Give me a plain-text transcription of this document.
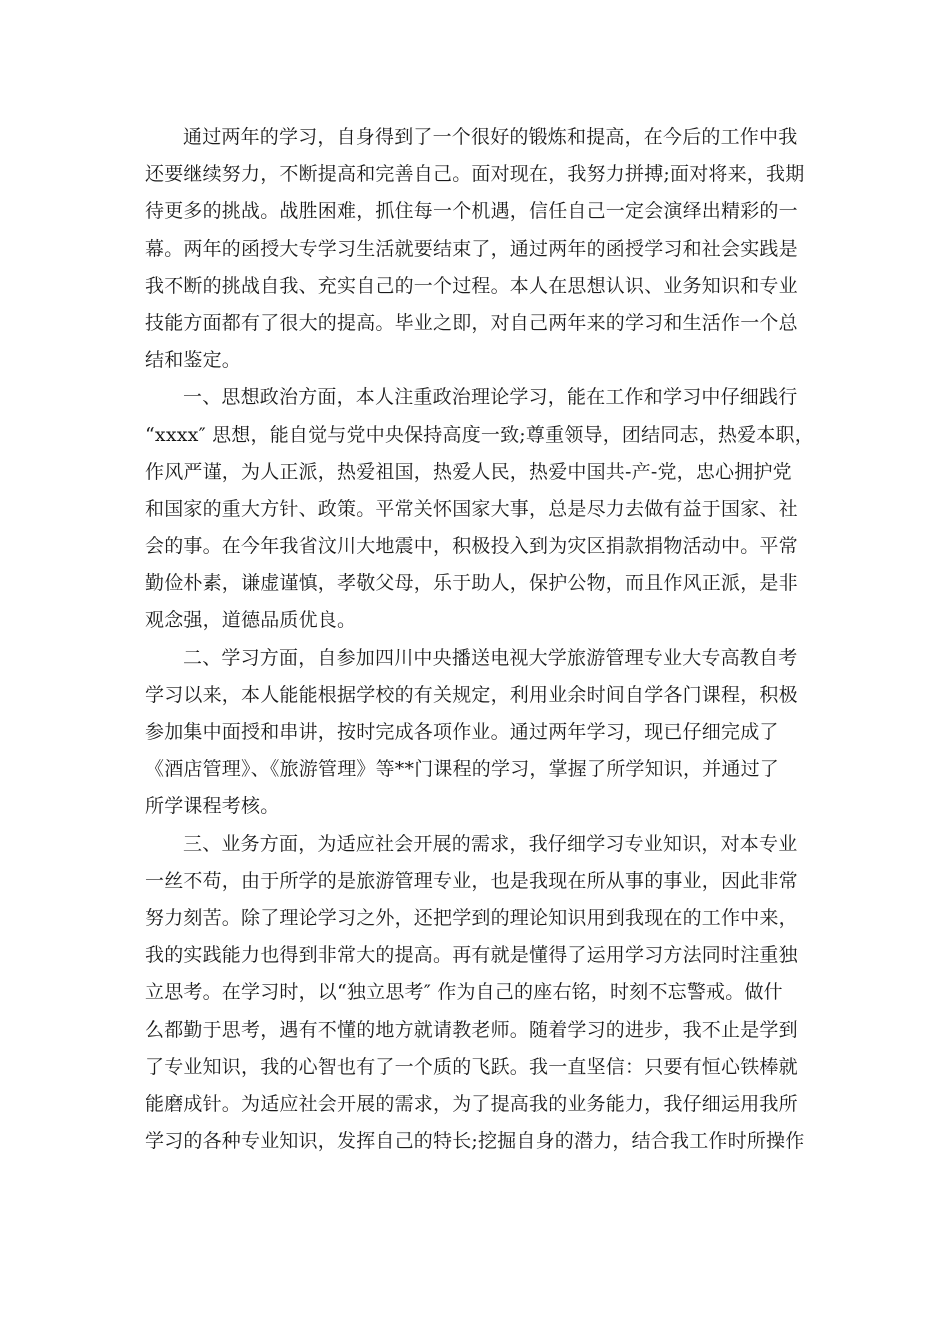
通过两年的学习，自身得到了一个很好的锻炼和提高，在今后的工作中我
还要继续努力，不断提高和完善自己。面对现在，我努力拼搏;面对将来，我期
待更多的挑战。战胜困难，抓住每一个机遇，信任自己一定会演绎出精彩的一
幕。两年的函授大专学习生活就要结束了，通过两年的函授学习和社会实践是
我不断的挑战自我、充实自己的一个过程。本人在思想认识、业务知识和专业
技能方面都有了很大的提高。毕业之即，对自己两年来的学习和生活作一个总
结和鉴定。
一、思想政治方面，本人注重政治理论学习，能在工作和学习中仔细践行
“xxxx″ 思想，能自觉与党中央保持高度一致;尊重领导，团结同志，热爱本职，
作风严谨，为人正派，热爱祖国，热爱人民，热爱中国共-产-党，忠心拥护党
和国家的重大方针、政策。平常关怀国家大事，总是尽力去做有益于国家、社
会的事。在今年我省汶川大地震中，积极投入到为灾区捐款捐物活动中。平常
勤俭朴素，谦虚谨慎，孝敬父母，乐于助人，保护公物，而且作风正派，是非
观念强，道德品质优良。
二、学习方面，自参加四川中央播送电视大学旅游管理专业大专高教自考
学习以来，本人能能根据学校的有关规定，利用业余时间自学各门课程，积极
参加集中面授和串讲，按时完成各项作业。通过两年学习，现已仔细完成了
《酒店管理》、《旅游管理》等**门课程的学习，掌握了所学知识，并通过了
所学课程考核。
三、业务方面，为适应社会开展的需求，我仔细学习专业知识，对本专业
一丝不苟，由于所学的是旅游管理专业，也是我现在所从事的事业，因此非常
努力刻苦。除了理论学习之外，还把学到的理论知识用到我现在的工作中来，
我的实践能力也得到非常大的提高。再有就是懂得了运用学习方法同时注重独
立思考。在学习时，以“独立思考″ 作为自己的座右铭，时刻不忘警戒。做什
么都勤于思考，遇有不懂的地方就请教老师。随着学习的进步，我不止是学到
了专业知识，我的心智也有了一个质的飞跃。我一直坚信：只要有恒心铁棒就
能磨成针。为适应社会开展的需求，为了提高我的业务能力，我仔细运用我所
学习的各种专业知识，发挥自己的特长;挖掘自身的潜力，结合我工作时所操作
